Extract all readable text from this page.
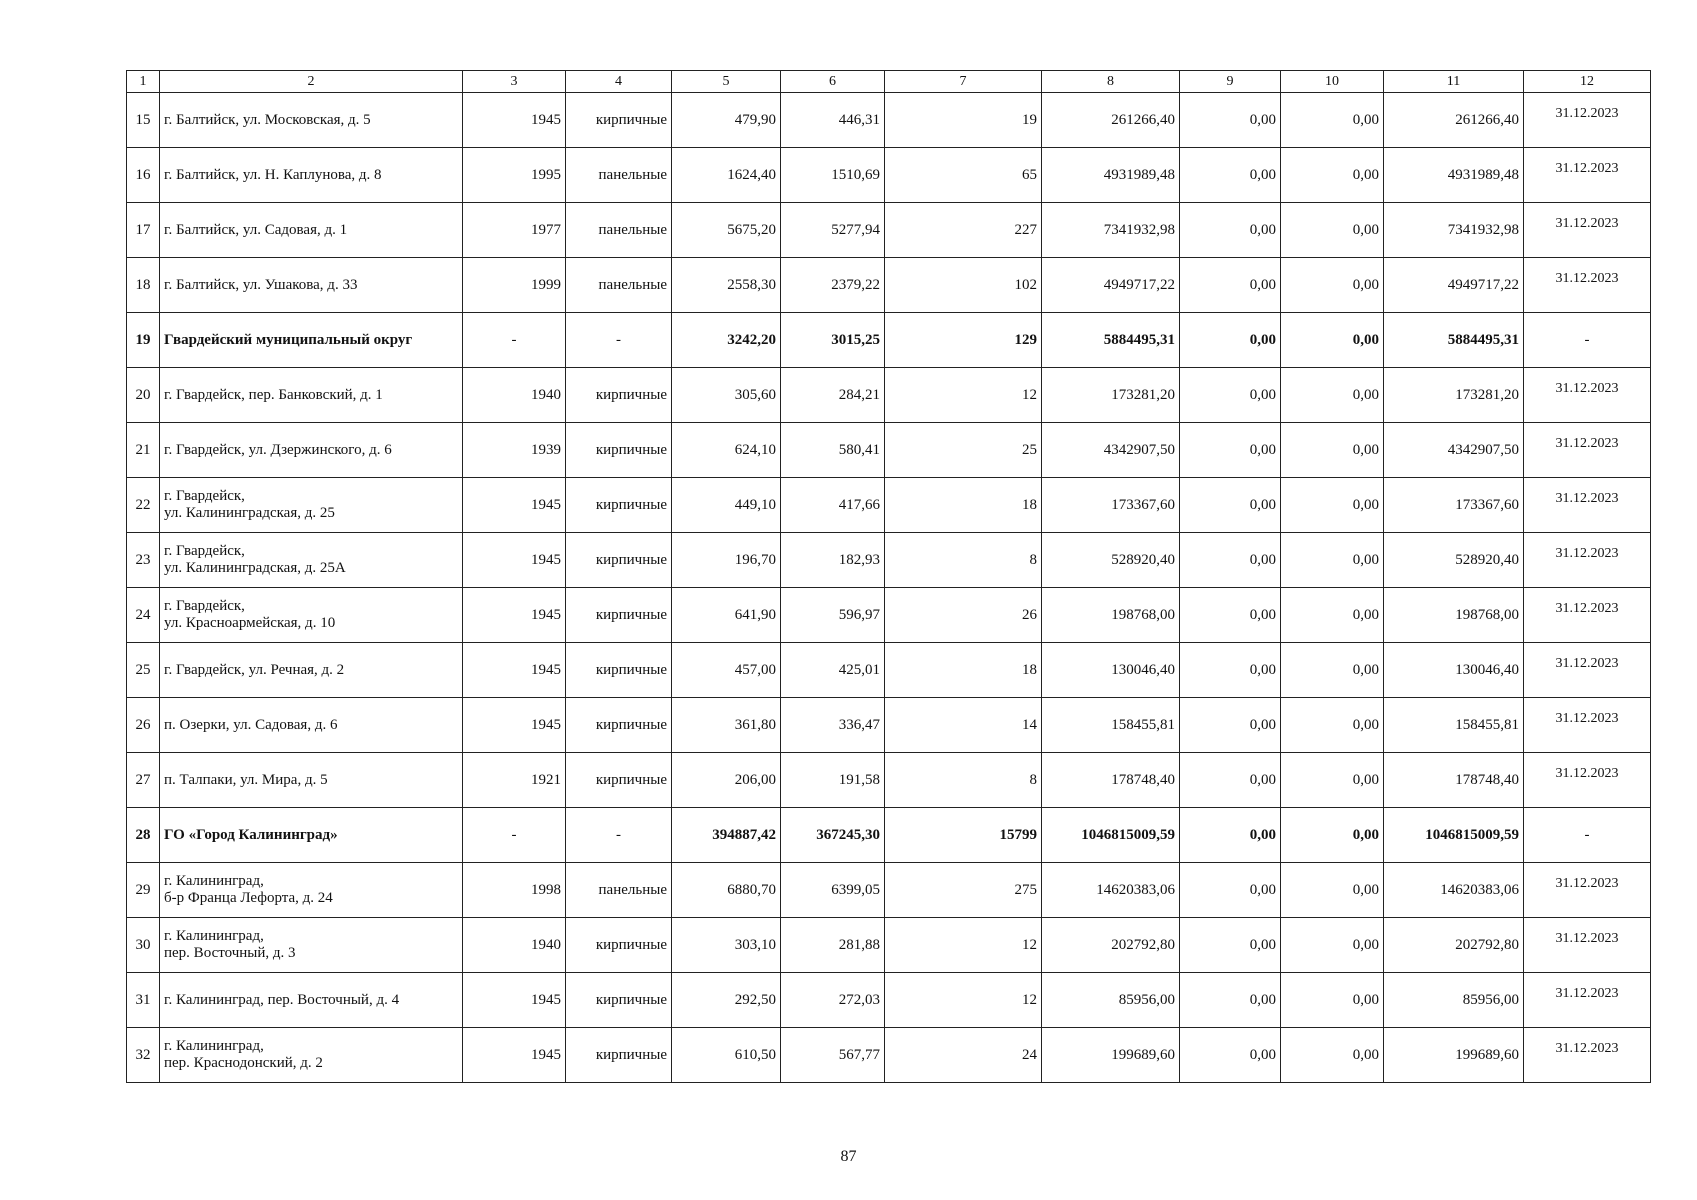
1	2	3	4	5	6	7	8	9	10	11	12
15	г. Балтийск, ул. Московская, д. 5	1945	кирпичные	479,90	446,31	19	261266,40	0,00	0,00	261266,40	31.12.2023
16	г. Балтийск, ул. Н. Каплунова, д. 8	1995	панельные	1624,40	1510,69	65	4931989,48	0,00	0,00	4931989,48	31.12.2023
17	г. Балтийск, ул. Садовая, д. 1	1977	панельные	5675,20	5277,94	227	7341932,98	0,00	0,00	7341932,98	31.12.2023
18	г. Балтийск, ул. Ушакова, д. 33	1999	панельные	2558,30	2379,22	102	4949717,22	0,00	0,00	4949717,22	31.12.2023
19	Гвардейский муниципальный округ	-	-	3242,20	3015,25	129	5884495,31	0,00	0,00	5884495,31	-
20	г. Гвардейск, пер. Банковский, д. 1	1940	кирпичные	305,60	284,21	12	173281,20	0,00	0,00	173281,20	31.12.2023
21	г. Гвардейск, ул. Дзержинского, д. 6	1939	кирпичные	624,10	580,41	25	4342907,50	0,00	0,00	4342907,50	31.12.2023
22	г. Гвардейск,
ул. Калининградская, д. 25	1945	кирпичные	449,10	417,66	18	173367,60	0,00	0,00	173367,60	31.12.2023
23	г. Гвардейск,
ул. Калининградская, д. 25А	1945	кирпичные	196,70	182,93	8	528920,40	0,00	0,00	528920,40	31.12.2023
24	г. Гвардейск,
ул. Красноармейская, д. 10	1945	кирпичные	641,90	596,97	26	198768,00	0,00	0,00	198768,00	31.12.2023
25	г. Гвардейск, ул. Речная, д. 2	1945	кирпичные	457,00	425,01	18	130046,40	0,00	0,00	130046,40	31.12.2023
26	п. Озерки, ул. Садовая, д. 6	1945	кирпичные	361,80	336,47	14	158455,81	0,00	0,00	158455,81	31.12.2023
27	п. Талпаки, ул. Мира, д. 5	1921	кирпичные	206,00	191,58	8	178748,40	0,00	0,00	178748,40	31.12.2023
28	ГО «Город Калининград»	-	-	394887,42	367245,30	15799	1046815009,59	0,00	0,00	1046815009,59	-
29	г. Калининград,
б-р Франца Лефорта, д. 24	1998	панельные	6880,70	6399,05	275	14620383,06	0,00	0,00	14620383,06	31.12.2023
30	г. Калининград,
пер. Восточный, д. 3	1940	кирпичные	303,10	281,88	12	202792,80	0,00	0,00	202792,80	31.12.2023
31	г. Калининград, пер. Восточный, д. 4	1945	кирпичные	292,50	272,03	12	85956,00	0,00	0,00	85956,00	31.12.2023
32	г. Калининград,
пер. Краснодонский, д. 2	1945	кирпичные	610,50	567,77	24	199689,60	0,00	0,00	199689,60	31.12.2023
87
